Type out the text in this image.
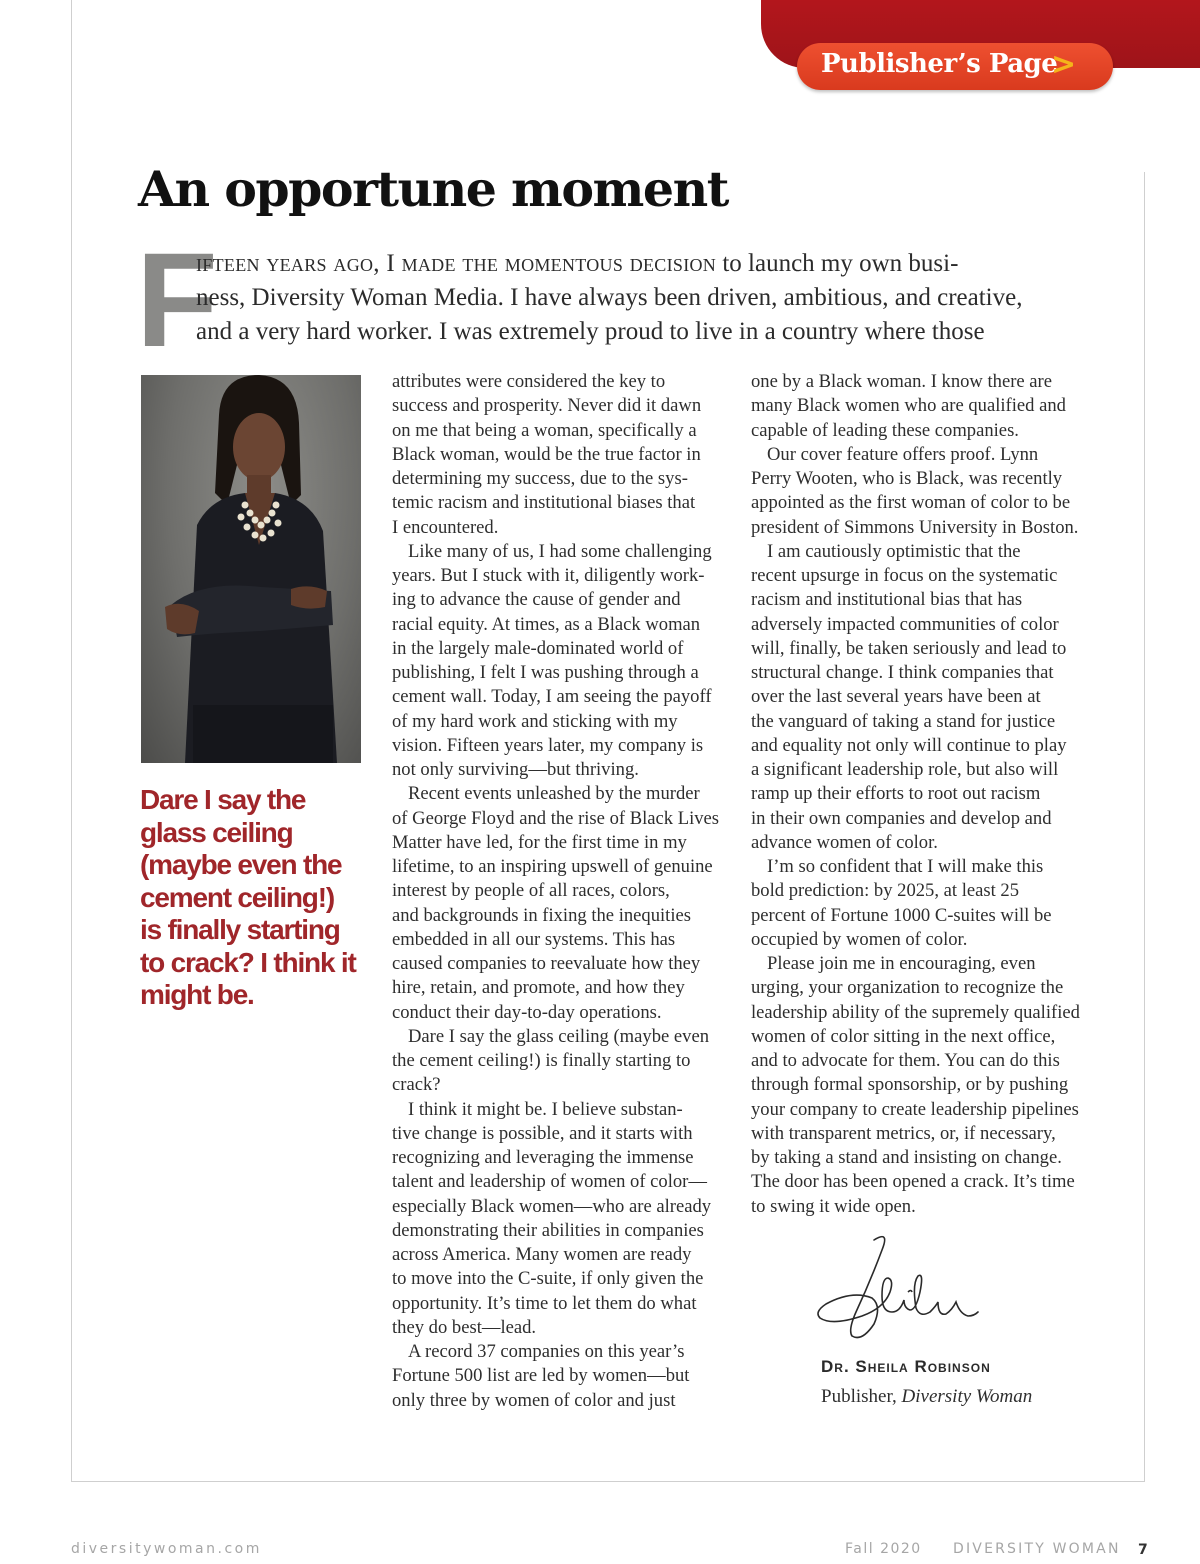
Publisher’s Page
>
An opportune moment
F
ifteen years ago, I made the momentous decision to launch my own busi-
ness, Diversity Woman Media. I have always been driven, ambitious, and creative,
and a very hard worker. I was extremely proud to live in a country where those
Dare I say the
glass ceiling
(maybe even the
cement ceiling!)
is finally starting
to crack? I think it
might be.
attributes were considered the key to
success and prosperity. Never did it dawn
on me that being a woman, specifically a
Black woman, would be the true factor in
determining my success, due to the sys-
temic racism and institutional biases that
I encountered.
Like many of us, I had some challenging
years. But I stuck with it, diligently work-
ing to advance the cause of gender and
racial equity. At times, as a Black woman
in the largely male-dominated world of
publishing, I felt I was pushing through a
cement wall. Today, I am seeing the payoff
of my hard work and sticking with my
vision. Fifteen years later, my company is
not only surviving—but thriving.
Recent events unleashed by the murder
of George Floyd and the rise of Black Lives
Matter have led, for the first time in my
lifetime, to an inspiring upswell of genuine
interest by people of all races, colors,
and backgrounds in fixing the inequities
embedded in all our systems. This has
caused companies to reevaluate how they
hire, retain, and promote, and how they
conduct their day-to-day operations.
Dare I say the glass ceiling (maybe even
the cement ceiling!) is finally starting to
crack?
I think it might be. I believe substan-
tive change is possible, and it starts with
recognizing and leveraging the immense
talent and leadership of women of color—
especially Black women—who are already
demonstrating their abilities in companies
across America. Many women are ready
to move into the C-suite, if only given the
opportunity. It’s time to let them do what
they do best—lead.
A record 37 companies on this year’s
Fortune 500 list are led by women—but
only three by women of color and just
one by a Black woman. I know there are
many Black women who are qualified and
capable of leading these companies.
Our cover feature offers proof. Lynn
Perry Wooten, who is Black, was recently
appointed as the first woman of color to be
president of Simmons University in Boston.
I am cautiously optimistic that the
recent upsurge in focus on the systematic
racism and institutional bias that has
adversely impacted communities of color
will, finally, be taken seriously and lead to
structural change. I think companies that
over the last several years have been at
the vanguard of taking a stand for justice
and equality not only will continue to play
a significant leadership role, but also will
ramp up their efforts to root out racism
in their own companies and develop and
advance women of color.
I’m so confident that I will make this
bold prediction: by 2025, at least 25
percent of Fortune 1000 C-suites will be
occupied by women of color.
Please join me in encouraging, even
urging, your organization to recognize the
leadership ability of the supremely qualified
women of color sitting in the next office,
and to advocate for them. You can do this
through formal sponsorship, or by pushing
your company to create leadership pipelines
with transparent metrics, or, if necessary,
by taking a stand and insisting on change.
The door has been opened a crack. It’s time
to swing it wide open.
Dr. Sheila Robinson
Publisher, Diversity Woman
diversitywoman.com	Fall 2020 DIVERSITY WOMAN 7
